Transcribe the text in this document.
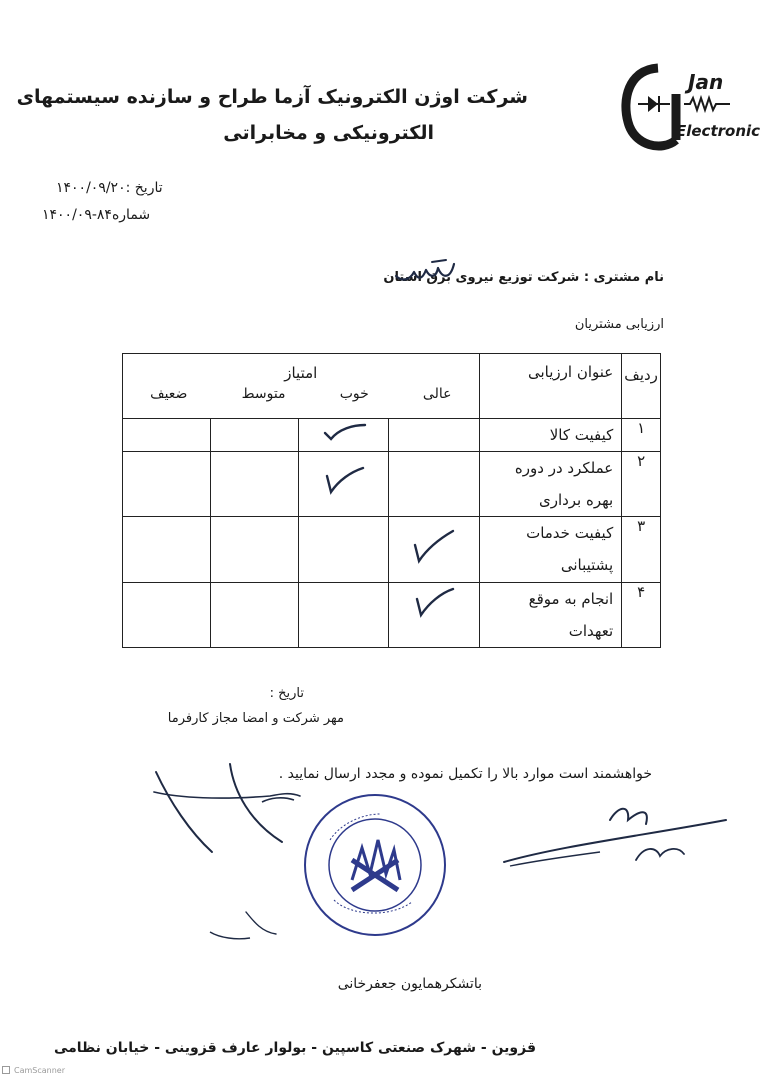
شرکت اوژن الکترونیک آزما طراح و سازنده سیستمهای
الکترونیکی و مخابراتی
Jan
Electronic
تاریخ :۱۴۰۰/۰۹/۲۰
شماره۸۴-۱۴۰۰/۰۹
نام مشتری : شرکت توزیع نیروی برق استان
ارزیابی مشتریان
ردیف	عنوان ارزیابی	امتیاز
عالی
خوب
متوسط
ضعیف			

۱	کیفیت کالا		

۲	عملکرد در دوره
بهره برداری		

۳	کیفیت خدمات
پشتیبانی	

۴	انجام به موقع
تعهدات	

تاریخ :
مهر شرکت و امضا مجاز کارفرما
خواهشمند است موارد بالا را تکمیل نموده و مجدد ارسال نمایید .
باتشکرهمایون جعفرخانی
قزوین - شهرک صنعتی کاسپین - بولوار عارف قزوینی - خیابان نظامی
CamScanner
